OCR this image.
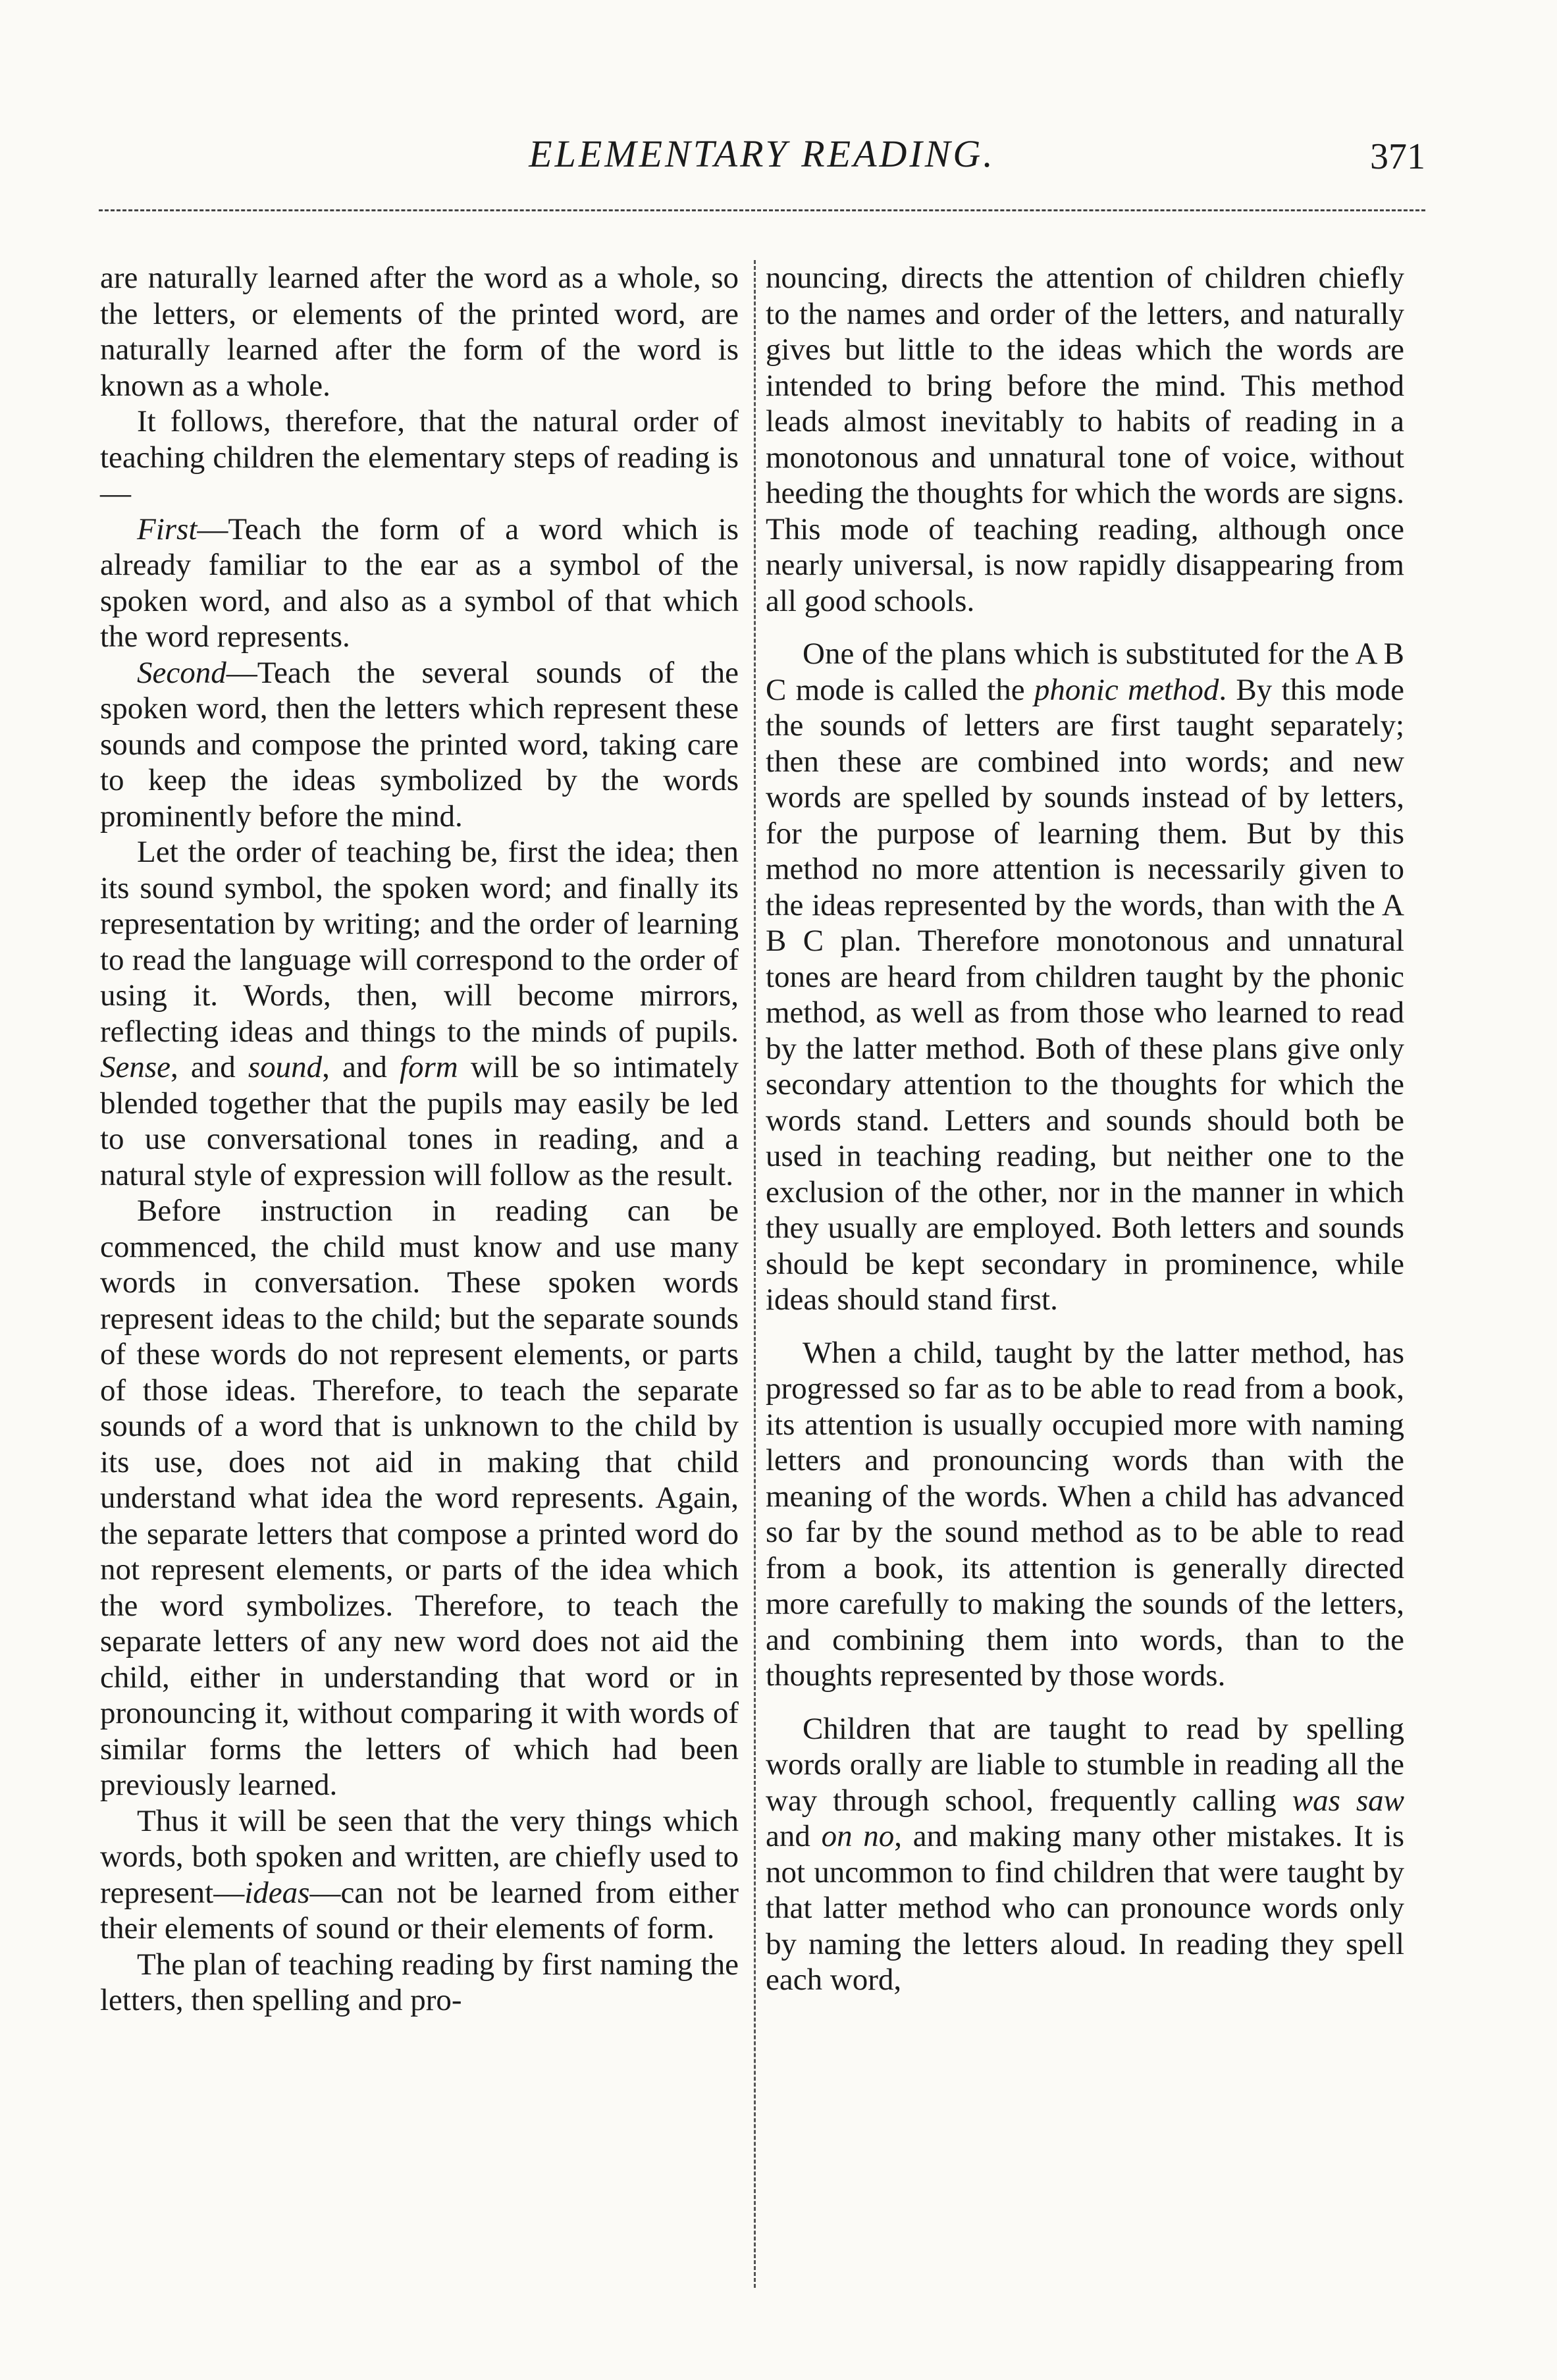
ELEMENTARY READING.	371

are naturally learned after the word as a whole, so the letters, or elements of the printed word, are naturally learned after the form of the word is known as a whole.

It follows, therefore, that the natural order of teaching children the elementary steps of reading is—

First—Teach the form of a word which is already familiar to the ear as a symbol of the spoken word, and also as a symbol of that which the word represents.

Second—Teach the several sounds of the spoken word, then the letters which represent these sounds and compose the printed word, taking care to keep the ideas symbolized by the words prominently before the mind.

Let the order of teaching be, first the idea; then its sound symbol, the spoken word; and finally its representation by writing; and the order of learning to read the language will correspond to the order of using it. Words, then, will become mirrors, reflecting ideas and things to the minds of pupils. Sense, and sound, and form will be so intimately blended together that the pupils may easily be led to use conversational tones in reading, and a natural style of expression will follow as the result.

Before instruction in reading can be commenced, the child must know and use many words in conversation. These spoken words represent ideas to the child; but the separate sounds of these words do not represent elements, or parts of those ideas. Therefore, to teach the separate sounds of a word that is unknown to the child by its use, does not aid in making that child understand what idea the word represents. Again, the separate letters that compose a printed word do not represent elements, or parts of the idea which the word symbolizes. Therefore, to teach the separate letters of any new word does not aid the child, either in understanding that word or in pronouncing it, without comparing it with words of similar forms the letters of which had been previously learned.

Thus it will be seen that the very things which words, both spoken and written, are chiefly used to represent—ideas—can not be learned from either their elements of sound or their elements of form.

The plan of teaching reading by first naming the letters, then spelling and pro-

nouncing, directs the attention of children chiefly to the names and order of the letters, and naturally gives but little to the ideas which the words are intended to bring before the mind. This method leads almost inevitably to habits of reading in a monotonous and unnatural tone of voice, without heeding the thoughts for which the words are signs. This mode of teaching reading, although once nearly universal, is now rapidly disappearing from all good schools.

One of the plans which is substituted for the A B C mode is called the phonic method. By this mode the sounds of letters are first taught separately; then these are combined into words; and new words are spelled by sounds instead of by letters, for the purpose of learning them. But by this method no more attention is necessarily given to the ideas represented by the words, than with the A B C plan. Therefore monotonous and unnatural tones are heard from children taught by the phonic method, as well as from those who learned to read by the latter method. Both of these plans give only secondary attention to the thoughts for which the words stand. Letters and sounds should both be used in teaching reading, but neither one to the exclusion of the other, nor in the manner in which they usually are employed. Both letters and sounds should be kept secondary in prominence, while ideas should stand first.

When a child, taught by the latter method, has progressed so far as to be able to read from a book, its attention is usually occupied more with naming letters and pronouncing words than with the meaning of the words. When a child has advanced so far by the sound method as to be able to read from a book, its attention is generally directed more carefully to making the sounds of the letters, and combining them into words, than to the thoughts represented by those words.

Children that are taught to read by spelling words orally are liable to stumble in reading all the way through school, frequently calling was saw and on no, and making many other mistakes. It is not uncommon to find children that were taught by that latter method who can pronounce words only by naming the letters aloud. In reading they spell each word,
